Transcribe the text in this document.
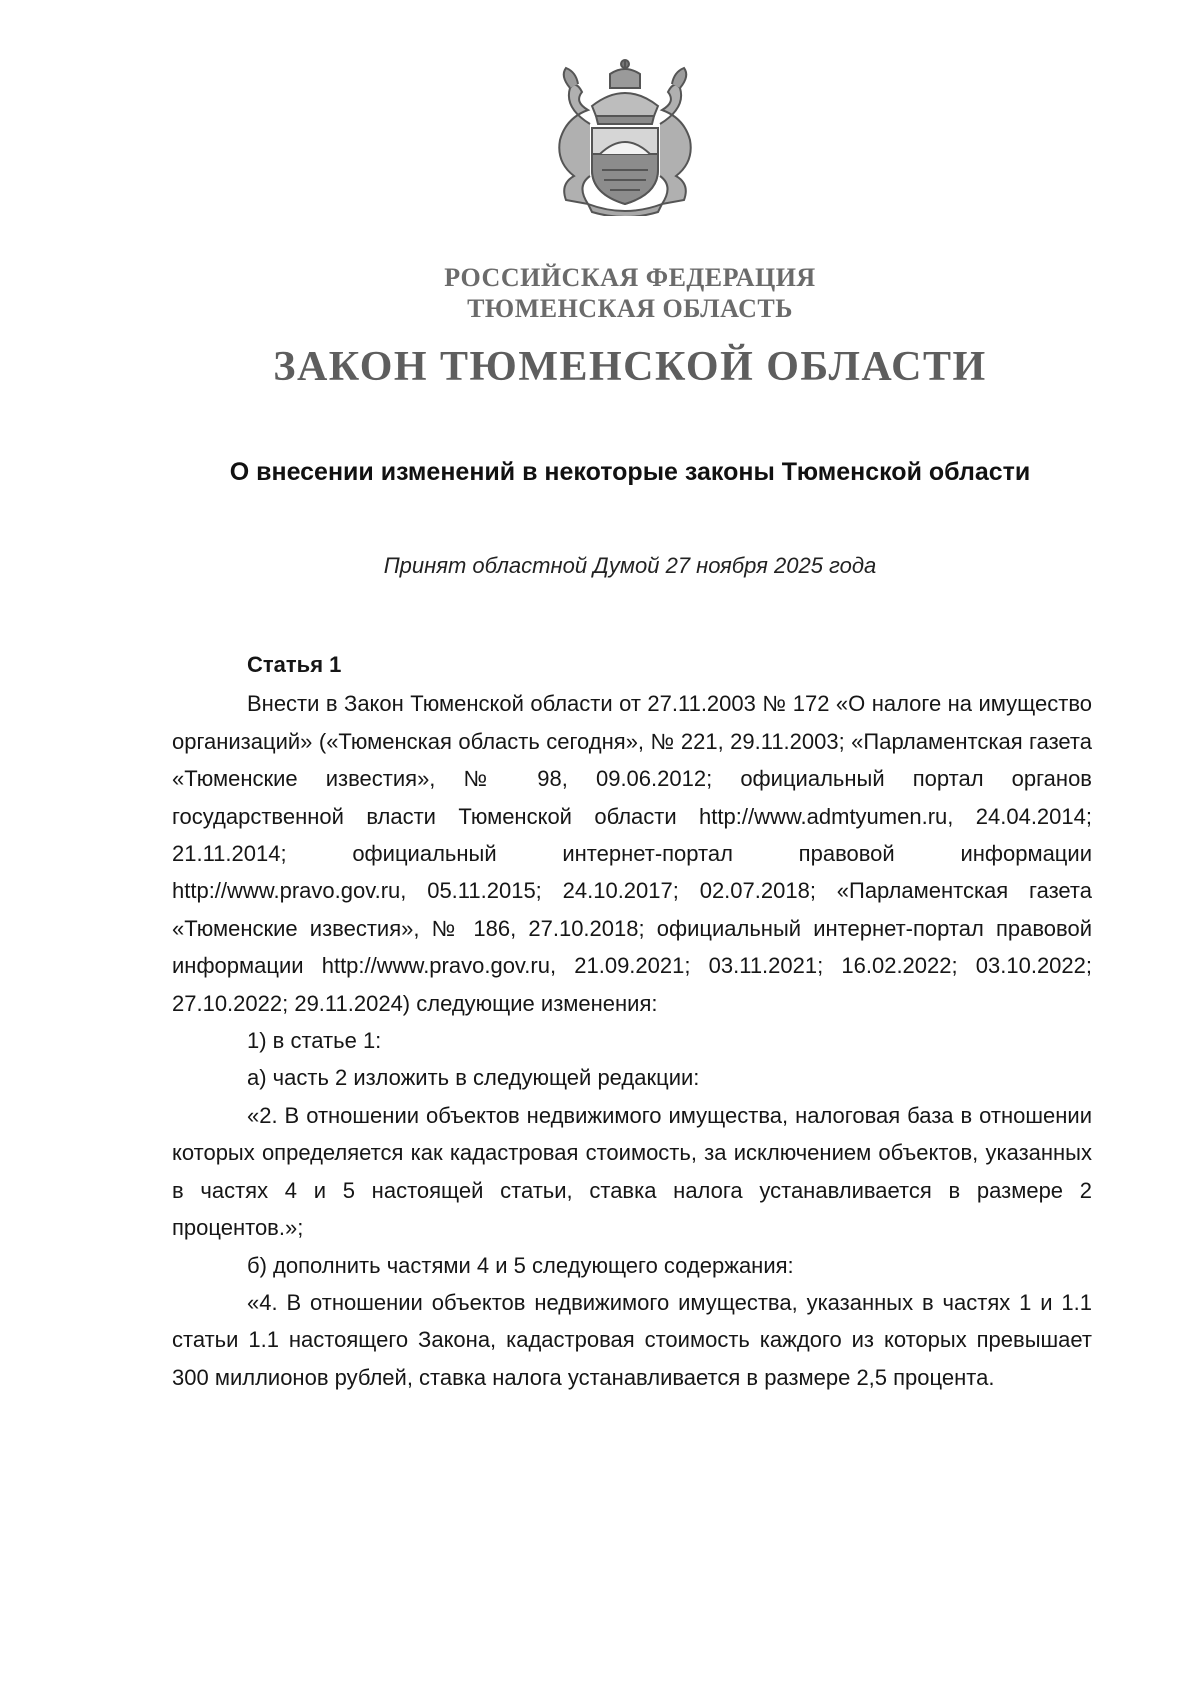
РОССИЙСКАЯ ФЕДЕРАЦИЯ
ТЮМЕНСКАЯ ОБЛАСТЬ
ЗАКОН ТЮМЕНСКОЙ ОБЛАСТИ
О внесении изменений в некоторые законы Тюменской области
Принят областной Думой 27 ноября 2025 года

Статья 1

Внести в Закон Тюменской области от 27.11.2003 № 172 «О налоге на имущество организаций» («Тюменская область сегодня», № 221, 29.11.2003; «Парламентская газета «Тюменские известия», № 98, 09.06.2012; официальный портал органов государственной власти Тюменской области http://www.admtyumen.ru, 24.04.2014; 21.11.2014; официальный интернет-портал правовой информации http://www.pravo.gov.ru, 05.11.2015; 24.10.2017; 02.07.2018; «Парламентская газета «Тюменские известия», № 186, 27.10.2018; официальный интернет-портал правовой информации http://www.pravo.gov.ru, 21.09.2021; 03.11.2021; 16.02.2022; 03.10.2022; 27.10.2022; 29.11.2024) следующие изменения:

1) в статье 1:

а) часть 2 изложить в следующей редакции:

«2. В отношении объектов недвижимого имущества, налоговая база в отношении которых определяется как кадастровая стоимость, за исключением объектов, указанных в частях 4 и 5 настоящей статьи, ставка налога устанавливается в размере 2 процентов.»;

б) дополнить частями 4 и 5 следующего содержания:

«4. В отношении объектов недвижимого имущества, указанных в частях 1 и 1.1 статьи 1.1 настоящего Закона, кадастровая стоимость каждого из которых превышает 300 миллионов рублей, ставка налога устанавливается в размере 2,5 процента.
